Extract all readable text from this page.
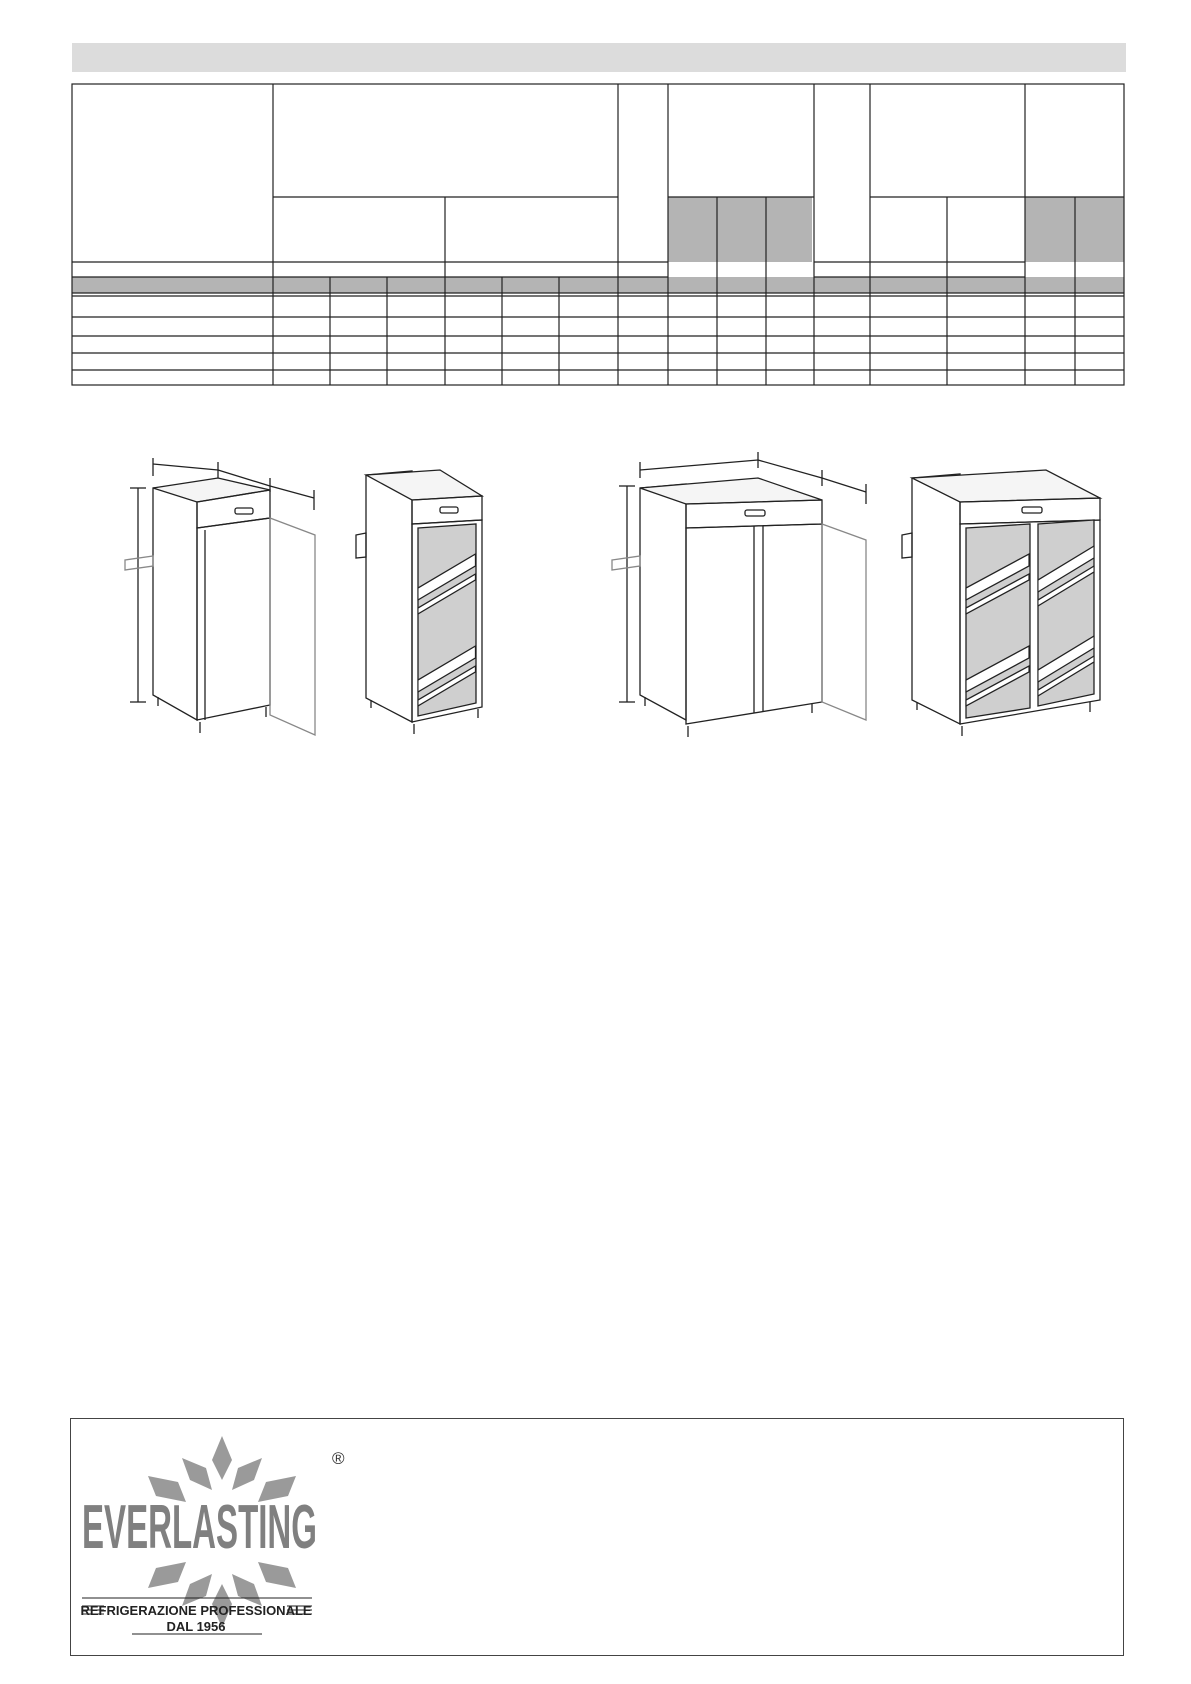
EVERLASTING
®
REFRIGERAZIONE PROFESSIONALE
DAL 1956
